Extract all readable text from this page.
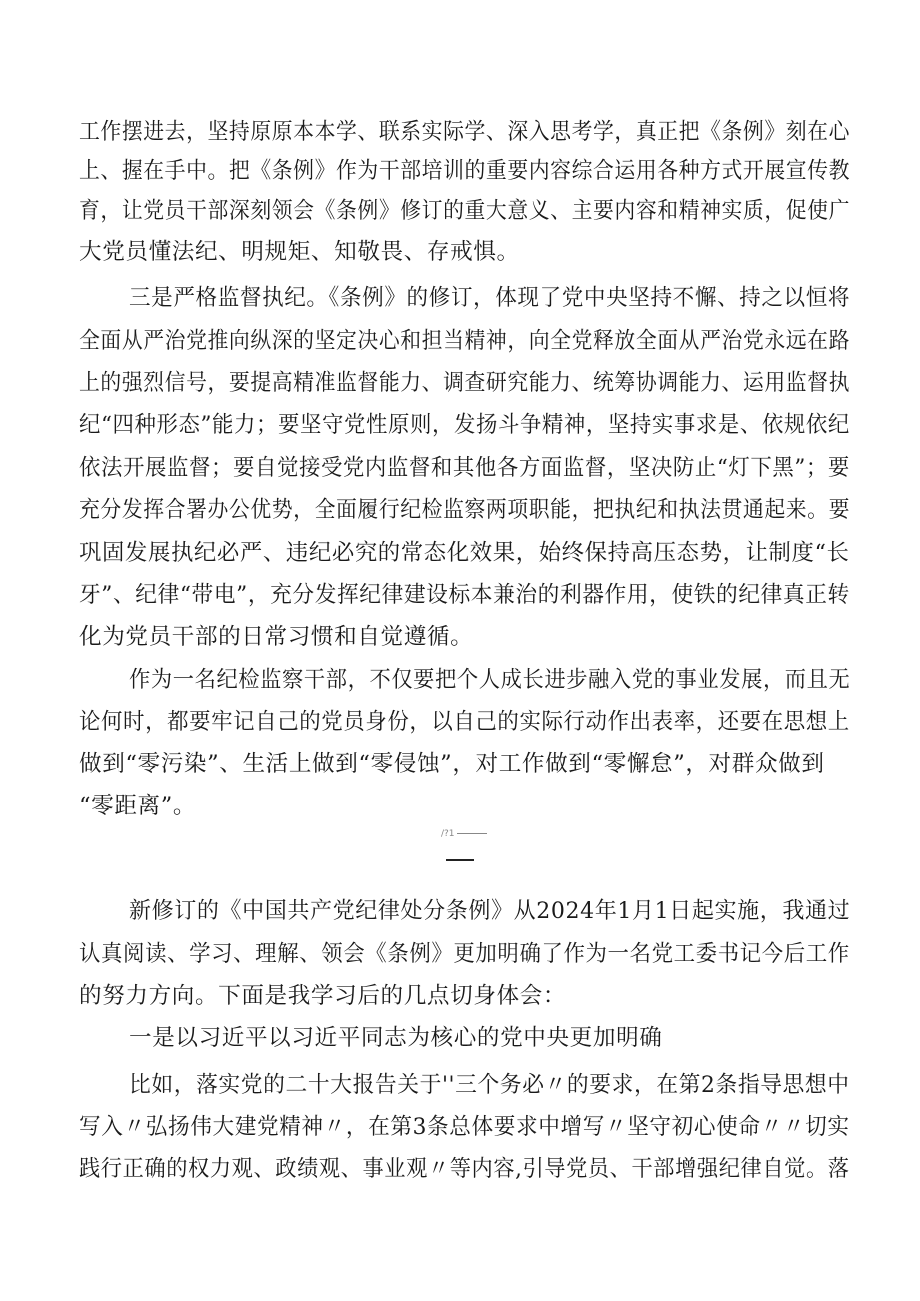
工作摆进去，坚持原原本本学、联系实际学、深入思考学，真正把《条例》刻在心
上、握在手中。把《条例》作为干部培训的重要内容综合运用各种方式开展宣传教
育，让党员干部深刻领会《条例》修订的重大意义、主要内容和精神实质，促使广
大党员懂法纪、明规矩、知敬畏、存戒惧。
三是严格监督执纪。《条例》的修订，体现了党中央坚持不懈、持之以恒将
全面从严治党推向纵深的坚定决心和担当精神，向全党释放全面从严治党永远在路
上的强烈信号，要提高精准监督能力、调查研究能力、统筹协调能力、运用监督执
纪“四种形态”能力；要坚守党性原则，发扬斗争精神，坚持实事求是、依规依纪
依法开展监督；要自觉接受党内监督和其他各方面监督，坚决防止“灯下黑”；要
充分发挥合署办公优势，全面履行纪检监察两项职能，把执纪和执法贯通起来。要
巩固发展执纪必严、违纪必究的常态化效果，始终保持高压态势，让制度“长
牙”、纪律“带电”，充分发挥纪律建设标本兼治的利器作用，使铁的纪律真正转
化为党员干部的日常习惯和自觉遵循。
作为一名纪检监察干部，不仅要把个人成长进步融入党的事业发展，而且无
论何时，都要牢记自己的党员身份，以自己的实际行动作出表率，还要在思想上
做到“零污染”、生活上做到“零侵蚀”，对工作做到“零懈怠”，对群众做到
“零距离”。
/?1
新修订的《中国共产党纪律处分条例》从2024年1月1日起实施，我通过
认真阅读、学习、理解、领会《条例》更加明确了作为一名党工委书记今后工作
的努力方向。下面是我学习后的几点切身体会：
一是以习近平以习近平同志为核心的党中央更加明确
比如，落实党的二十大报告关于''三个务必〃的要求，在第2条指导思想中
写入〃弘扬伟大建党精神〃，在第3条总体要求中增写〃坚守初心使命〃〃切实
践行正确的权力观、政绩观、事业观〃等内容,引导党员、干部增强纪律自觉。落
